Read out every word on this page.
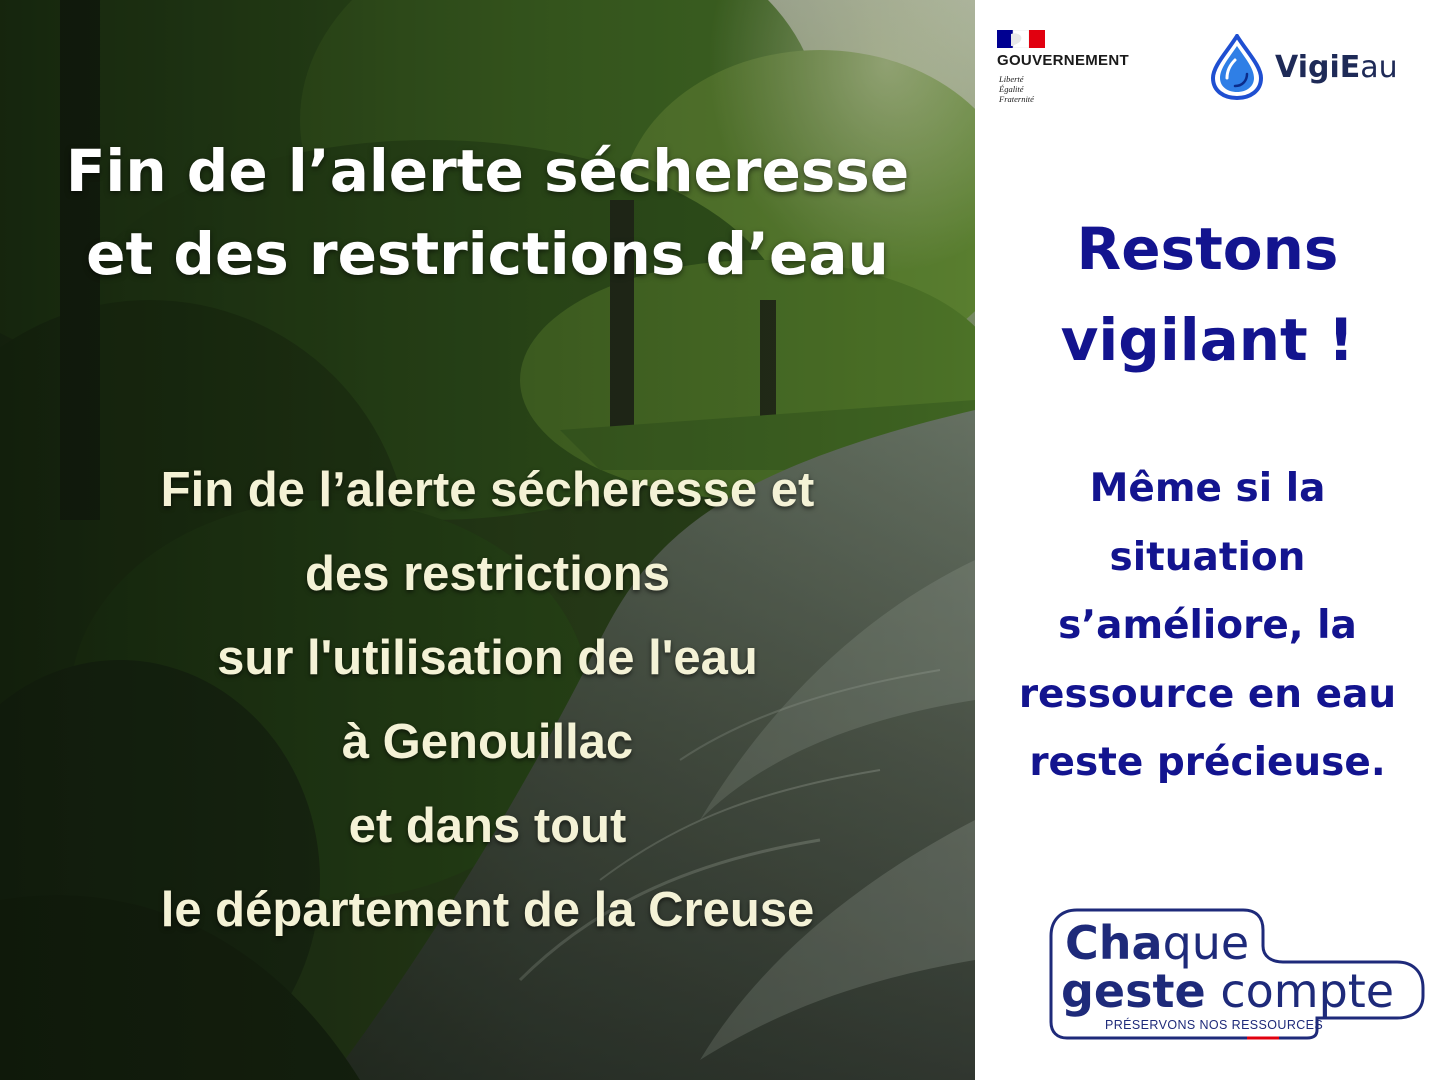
Fin de l’alerte sécheresse
et des restrictions d’eau
Fin de l’alerte sécheresse et
des restrictions
sur l'utilisation de l'eau
à Genouillac
et dans tout
le département de la Creuse
GOUVERNEMENT
Liberté
Égalité
Fraternité
VigiEau
Restons
vigilant !
Même si la
situation
s’améliore, la
ressource en eau
reste précieuse.
Chaque
geste compte
PRÉSERVONS NOS RESSOURCES
